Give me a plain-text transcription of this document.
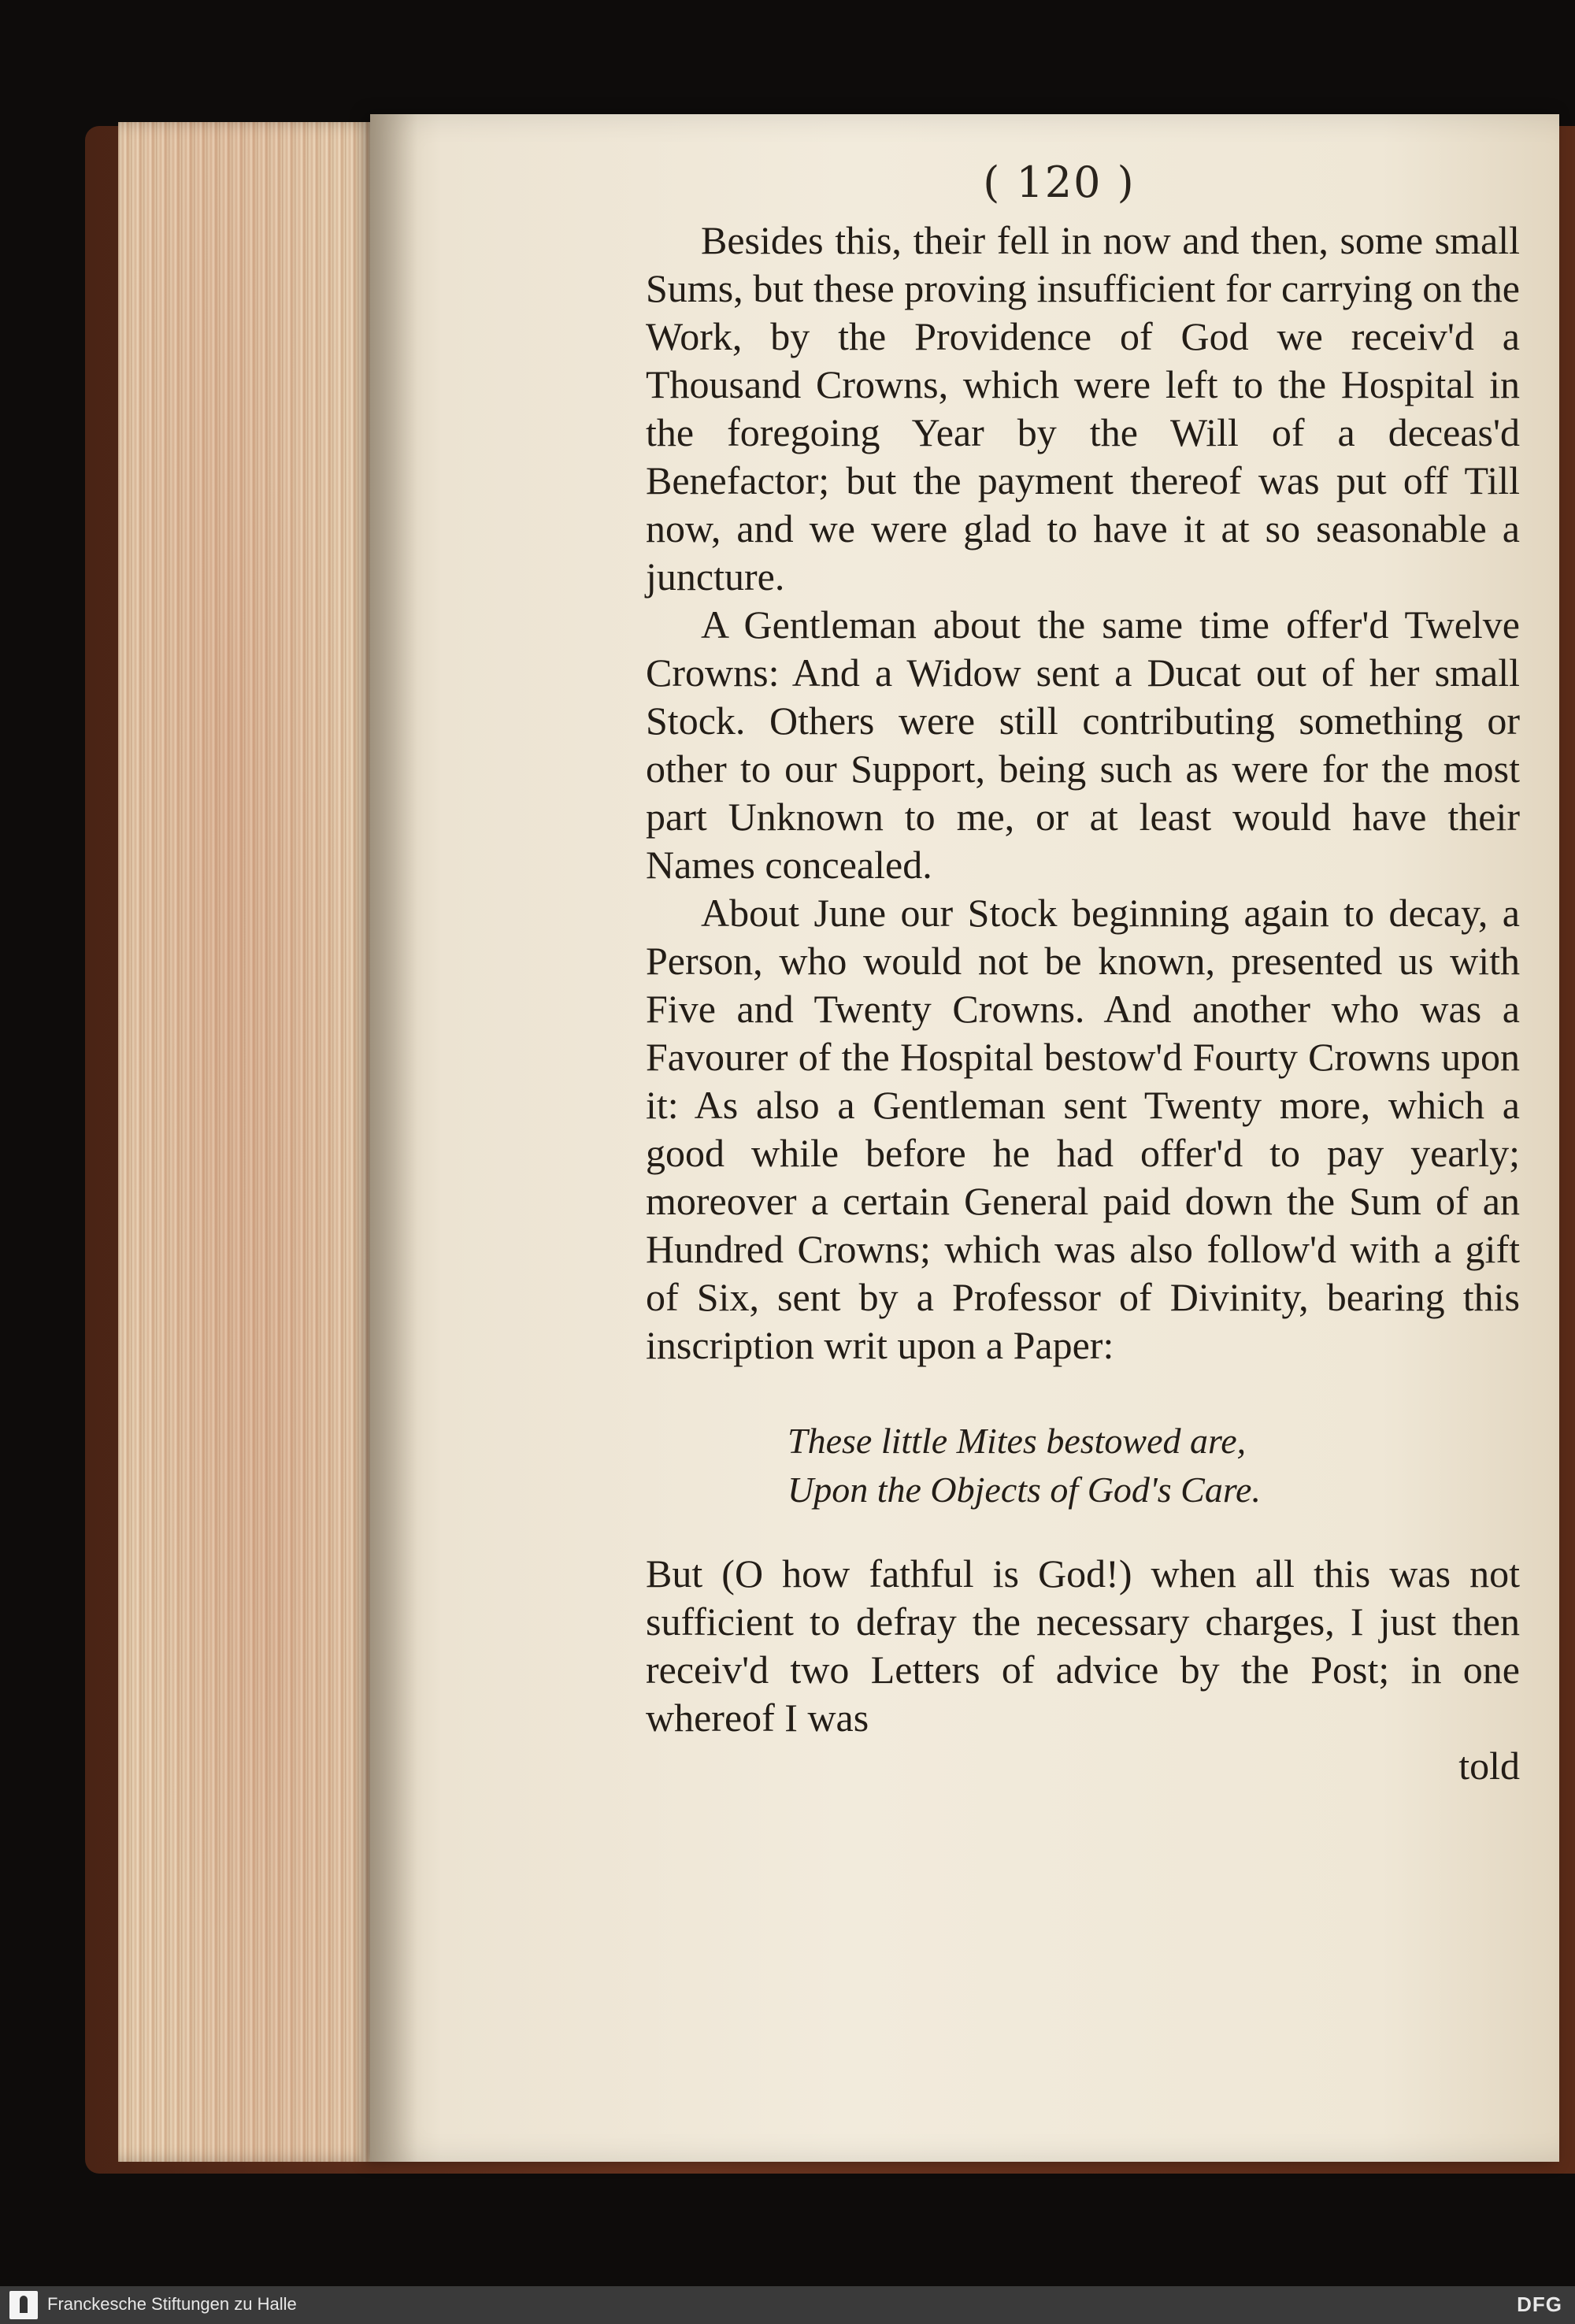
( 120 )

Besides this, their fell in now and then, some small Sums, but these proving insufficient for carrying on the Work, by the Providence of God we receiv'd a Thousand Crowns, which were left to the Hospital in the foregoing Year by the Will of a deceas'd Benefactor; but the payment thereof was put off Till now, and we were glad to have it at so seasonable a juncture.

A Gentleman about the same time offer'd Twelve Crowns: And a Widow sent a Ducat out of her small Stock. Others were still contributing something or other to our Support, being such as were for the most part Unknown to me, or at least would have their Names concealed.

About June our Stock beginning again to decay, a Person, who would not be known, presented us with Five and Twenty Crowns. And another who was a Favourer of the Hospital bestow'd Fourty Crowns upon it: As also a Gentleman sent Twenty more, which a good while before he had offer'd to pay yearly; moreover a certain General paid down the Sum of an Hundred Crowns; which was also follow'd with a gift of Six, sent by a Professor of Divinity, bearing this inscription writ upon a Paper:

These little Mites bestowed are,
Upon the Objects of God's Care.

But (O how fathful is God!) when all this was not sufficient to defray the necessary charges, I just then receiv'd two Letters of advice by the Post; in one whereof I was

told

Franckesche Stiftungen zu Halle	DFG
